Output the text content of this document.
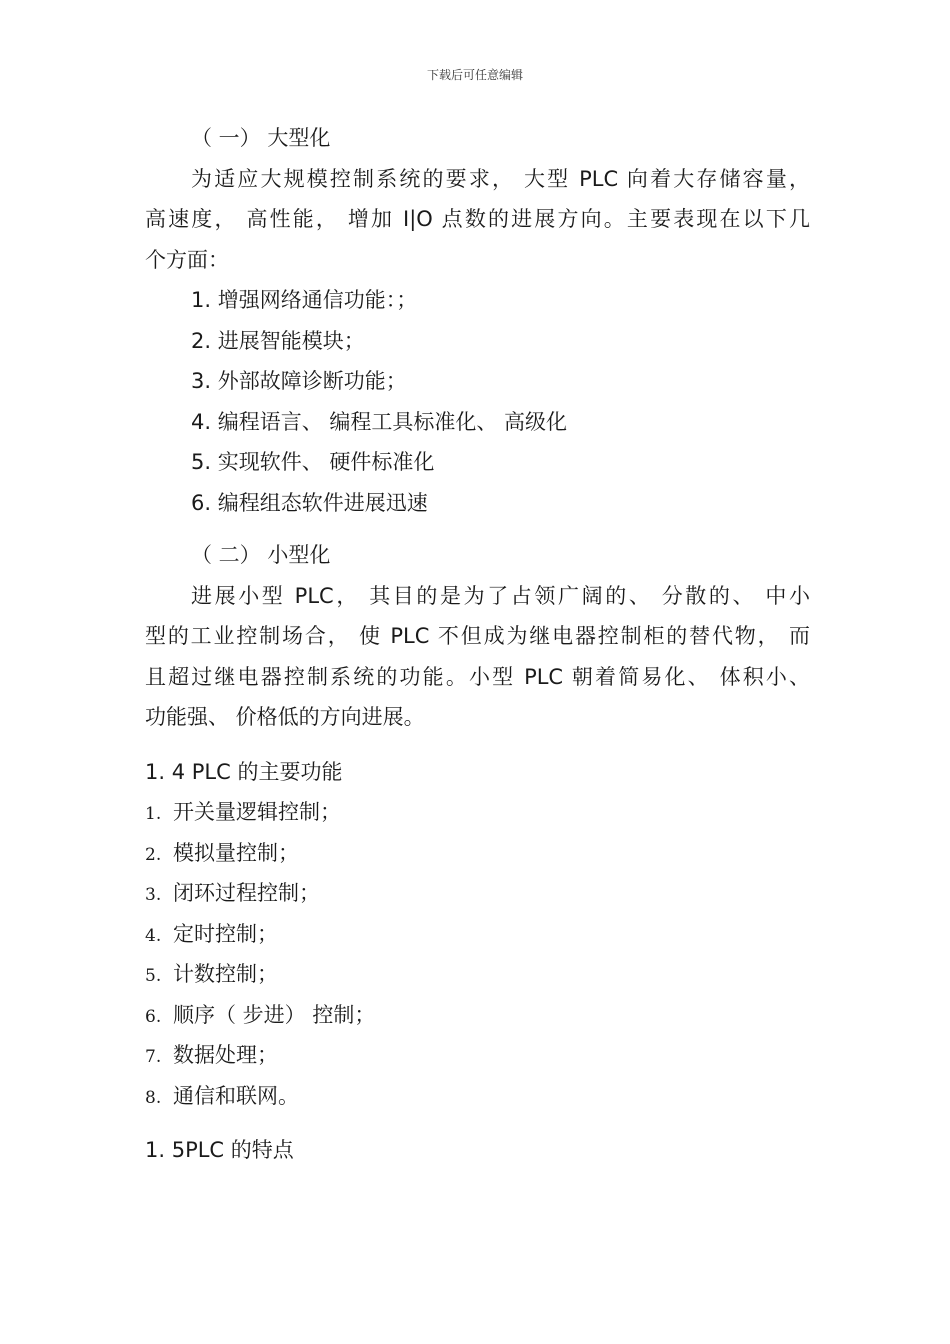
下载后可任意编辑
（ 一） 大型化
为适应大规模控制系统的要求， 大型 PLC 向着大存储容量，
高速度， 高性能， 增加 I|O 点数的进展方向。主要表现在以下几
个方面：
1. 增强网络通信功能：；
2. 进展智能模块；
3. 外部故障诊断功能；
4. 编程语言、 编程工具标准化、 高级化
5. 实现软件、 硬件标准化
6. 编程组态软件进展迅速
（ 二） 小型化
进展小型 PLC， 其目的是为了占领广阔的、 分散的、 中小
型的工业控制场合， 使 PLC 不但成为继电器控制柜的替代物， 而
且超过继电器控制系统的功能。小型 PLC 朝着简易化、 体积小、
功能强、 价格低的方向进展。
1. 4 PLC 的主要功能
1. 开关量逻辑控制；
2. 模拟量控制；
3. 闭环过程控制；
4. 定时控制；
5. 计数控制；
6. 顺序（ 步进） 控制；
7. 数据处理；
8. 通信和联网。
1. 5PLC 的特点
